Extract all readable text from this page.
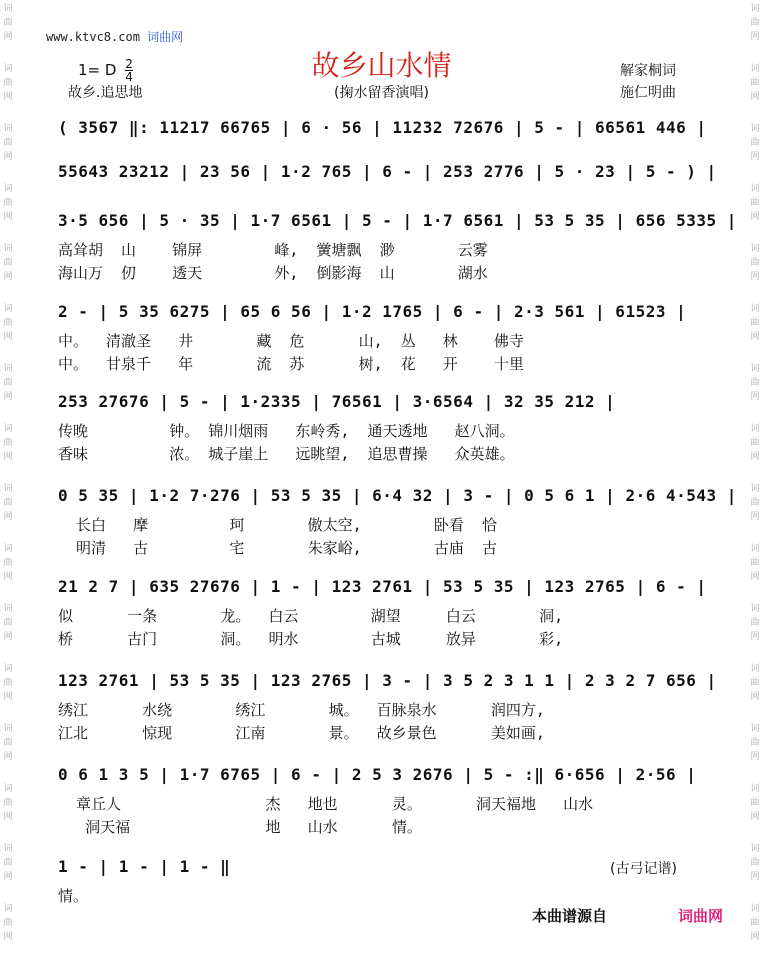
词
曲
网
词
曲
网
词
曲
网
词
曲
网
词
曲
网
词
曲
网
词
曲
网
词
曲
网
词
曲
网
词
曲
网
词
曲
网
词
曲
网
词
曲
网
词
曲
网
词
曲
网
词
曲
网
词
曲
网
词
曲
网
词
曲
网
词
曲
网
词
曲
网
词
曲
网
词
曲
网
词
曲
网
词
曲
网
词
曲
网
词
曲
网
词
曲
网
词
曲
网
词
曲
网
词
曲
网
词
曲
网
www.ktvc8.com 词曲网
故乡山水情
1= D $\frac{2}{4}$
故乡.追思地	(掬水留香演唱)
解家桐词
施仁明曲
( 3567 ‖: 11217 66765 | 6 · 56 | 11232 72676 | 5 - | 66561 446 |
55643 23212 | 23 56 | 1·2 765 | 6 - | 253 2776 | 5 · 23 | 5 - ) |
3·5 656 | 5 · 35 | 1·7 6561 | 5 - | 1·7 6561 | 53 5 35 | 656 5335 |
高耸胡  山    锦屏        峰,  黉塘飘  渺       云雾
海山万  仞    透天        外,  倒影海  山       湖水
2 - | 5 35 6275 | 65 6 56 | 1·2 1765 | 6 - | 2·3 561 | 61523 |
中。  清澈圣   井       藏  危      山,  丛   林    佛寺
中。  甘泉千   年       流  苏      树,  花   开    十里
253 27676 | 5 - | 1·2335 | 76561 | 3·6564 | 32 35 212 |
传晚         钟。 锦川烟雨   东岭秀,  通天透地   赵八洞。
香味         浓。 城子崖上   远眺望,  追思曹操   众英雄。
0 5 35 | 1·2 7·276 | 53 5 35 | 6·4 32 | 3 - | 0 5 6 1 | 2·6 4·543 |
长白   摩         珂       傲太空,        卧看  恰
明清   古         宅       朱家峪,        古庙  古
21 2 7 | 635 27676 | 1 - | 123 2761 | 53 5 35 | 123 2765 | 6 - |
似      一条       龙。  白云        湖望     白云       洞,
桥      古门       洞。  明水        古城     放异       彩,
123 2761 | 53 5 35 | 123 2765 | 3 - | 3 5 2 3 1 1 | 2 3 2 7 656 |
绣江      水绕       绣江       城。  百脉泉水      润四方,
江北      惊现       江南       景。  故乡景色      美如画,
0 6 1 3 5 | 1·7 6765 | 6 - | 2 5 3 2676 | 5 - :‖ 6·656 | 2·56 |
章丘人                杰   地也      灵。      洞天福地   山水
洞天福               地   山水      情。
1 - | 1 - | 1 - ‖
情。
(古弓记谱)
本曲谱源自	词曲网
